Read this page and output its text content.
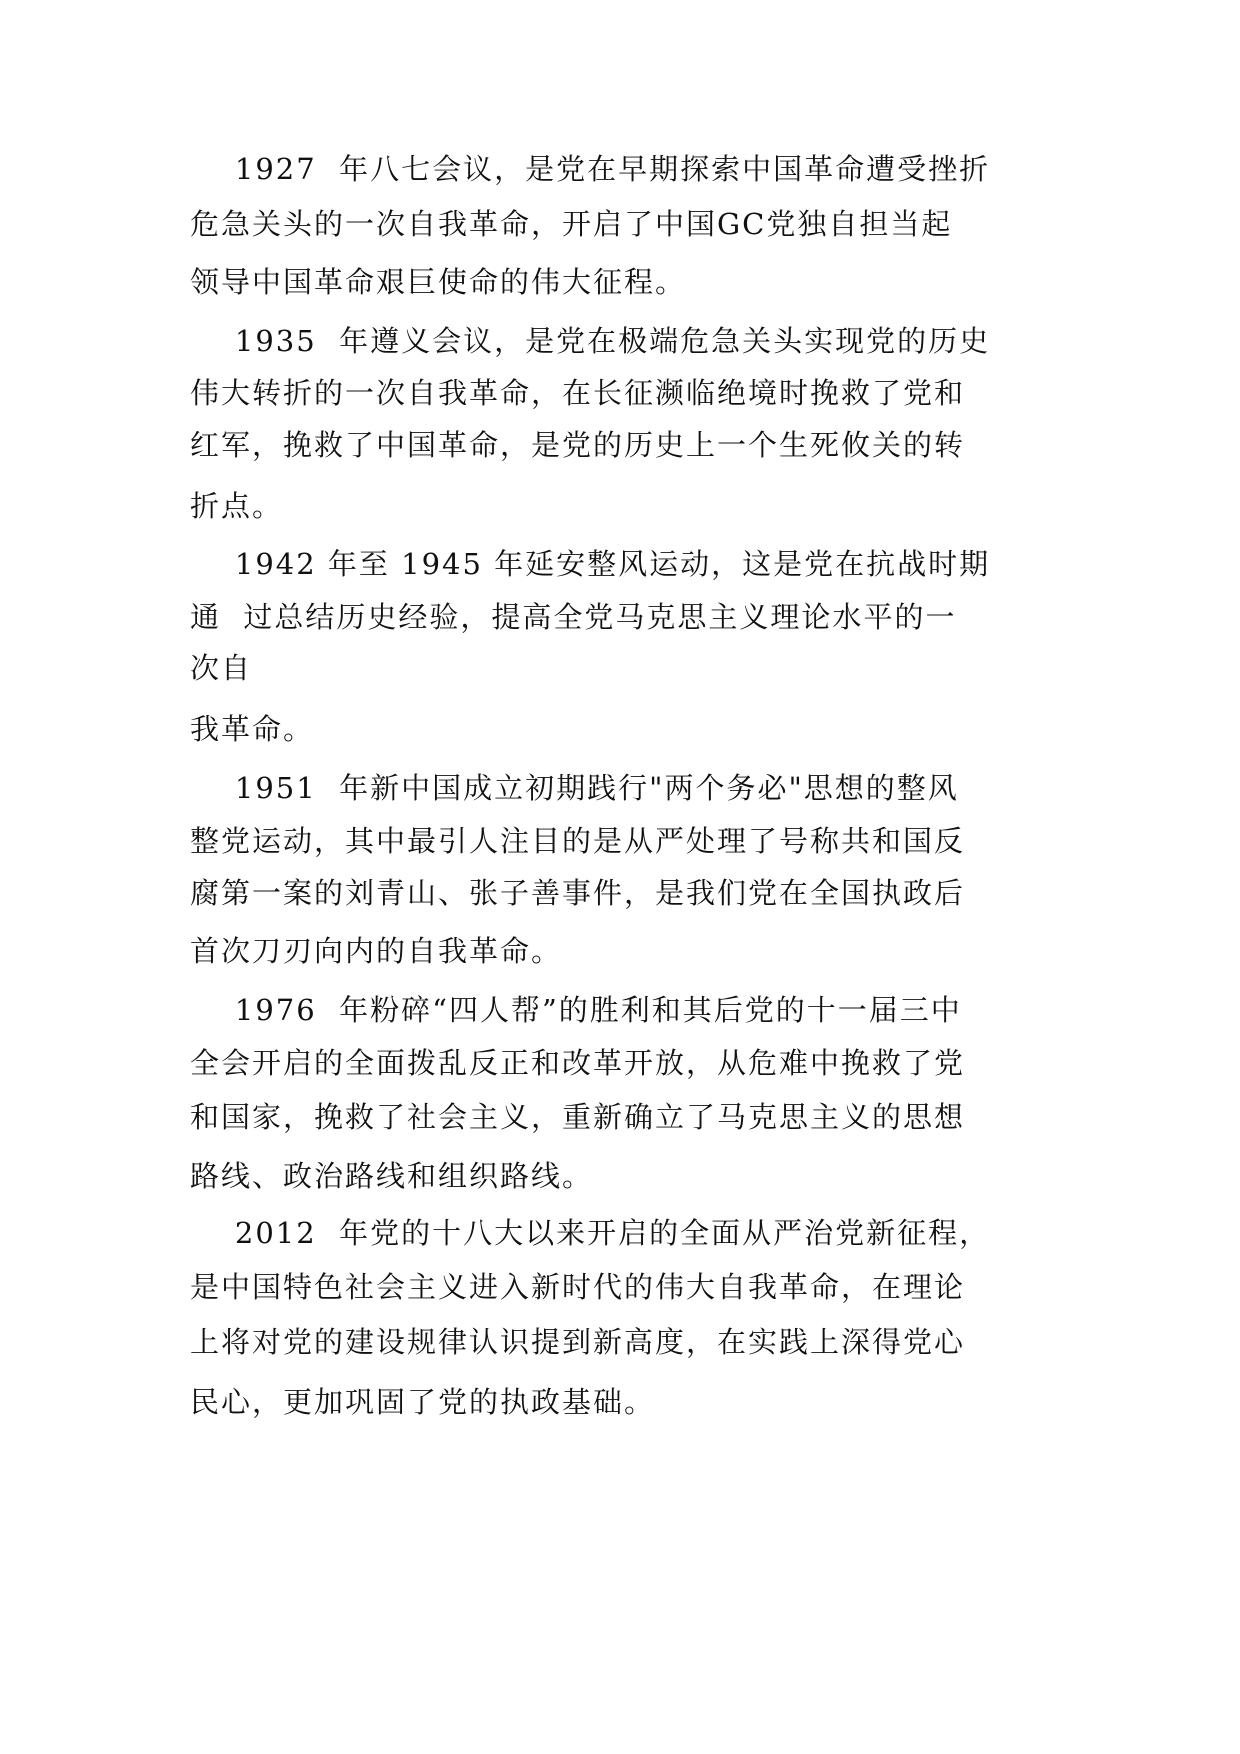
1927  年八七会议，是党在早期探索中国革命遭受挫折
危急关头的一次自我革命，开启了中国GC党独自担当起
领导中国革命艰巨使命的伟大征程。
1935  年遵义会议，是党在极端危急关头实现党的历史
伟大转折的一次自我革命，在长征濒临绝境时挽救了党和
红军，挽救了中国革命，是党的历史上一个生死攸关的转
折点。
1942 年至 1945 年延安整风运动，这是党在抗战时期
通  过总结历史经验，提高全党马克思主义理论水平的一
次自
我革命。
1951  年新中国成立初期践行"两个务必"思想的整风
整党运动，其中最引人注目的是从严处理了号称共和国反
腐第一案的刘青山、张子善事件，是我们党在全国执政后
首次刀刃向内的自我革命。
1976  年粉碎“四人帮”的胜利和其后党的十一届三中
全会开启的全面拨乱反正和改革开放，从危难中挽救了党
和国家，挽救了社会主义，重新确立了马克思主义的思想
路线、政治路线和组织路线。
2012  年党的十八大以来开启的全面从严治党新征程，
是中国特色社会主义进入新时代的伟大自我革命，在理论
上将对党的建设规律认识提到新高度，在实践上深得党心
民心，更加巩固了党的执政基础。
